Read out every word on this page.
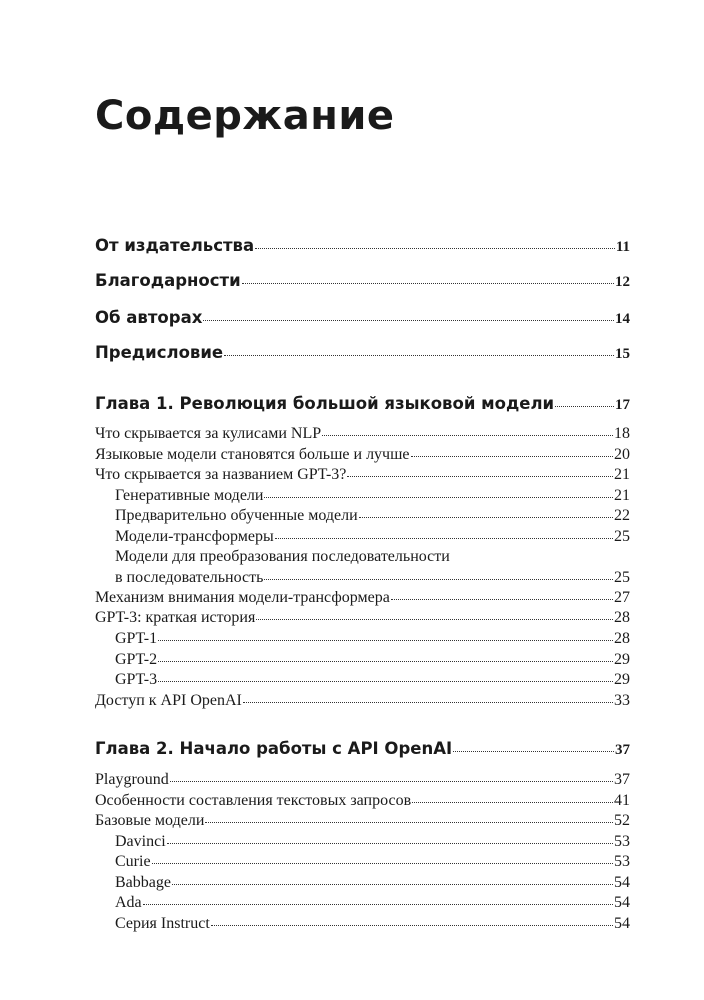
Содержание
От издательства	11
Благодарности	12
Об авторах	14
Предисловие	15
Глава 1. Революция большой языковой модели	17
Что скрывается за кулисами NLP	18
Языковые модели становятся больше и лучше	20
Что скрывается за названием GPT-3?	21
Генеративные модели	21
Предварительно обученные модели	22
Модели-трансформеры	25
Модели для преобразования последовательности
в последовательность	25
Механизм внимания модели-трансформера	27
GPT-3: краткая история	28
GPT-1	28
GPT-2	29
GPT-3	29
Доступ к API OpenAI	33
Глава 2. Начало работы с API OpenAI	37
Playground	37
Особенности составления текстовых запросов	41
Базовые модели	52
Davinci	53
Curie	53
Babbage	54
Ada	54
Серия Instruct	54
